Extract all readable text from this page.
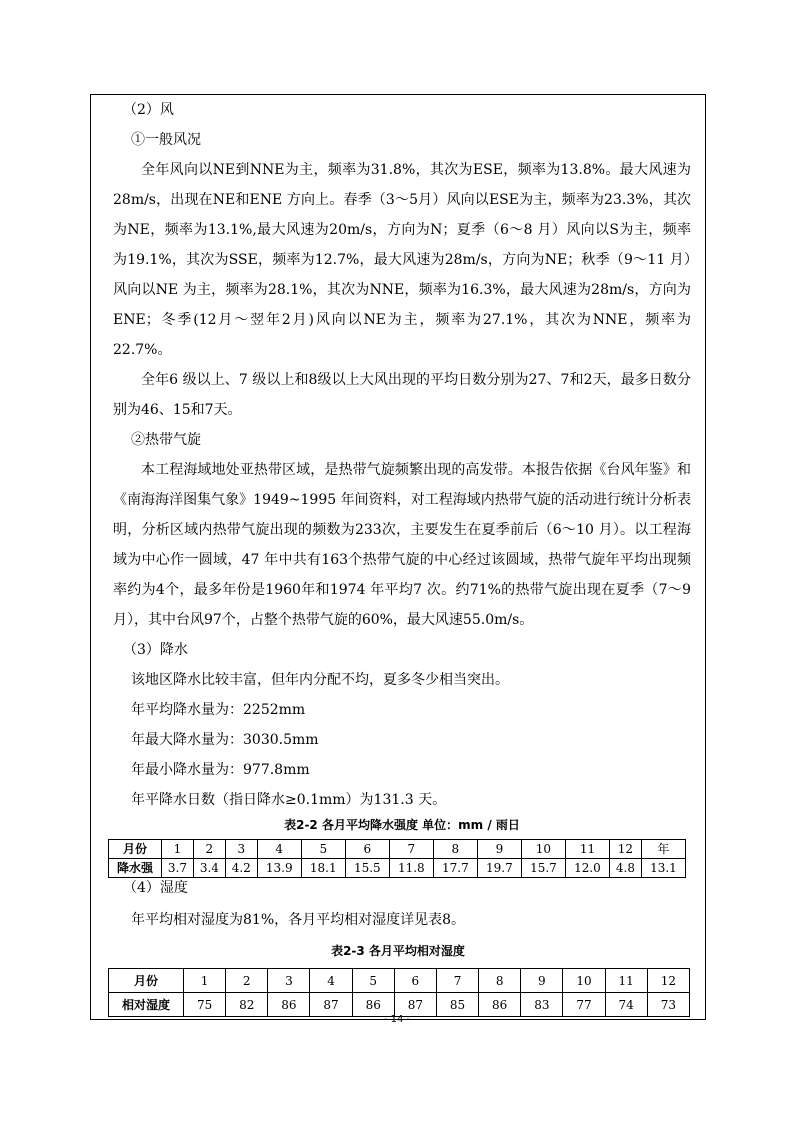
（2）风
①一般风况

全年风向以NE到NNE为主，频率为31.8%，其次为ESE，频率为13.8%。最大风速为28m/s，出现在NE和ENE 方向上。春季（3～5月）风向以ESE为主，频率为23.3%，其次为NE，频率为13.1%,最大风速为20m/s，方向为N；夏季（6～8 月）风向以S为主，频率为19.1%，其次为SSE，频率为12.7%，最大风速为28m/s，方向为NE；秋季（9～11 月）风向以NE 为主，频率为28.1%，其次为NNE，频率为16.3%，最大风速为28m/s，方向为ENE；冬季(12月～翌年2月)风向以NE为主，频率为27.1%，其次为NNE，频率为22.7%。

全年6 级以上、7 级以上和8级以上大风出现的平均日数分别为27、7和2天，最多日数分别为46、15和7天。

②热带气旋

本工程海域地处亚热带区域，是热带气旋频繁出现的高发带。本报告依据《台风年鉴》和《南海海洋图集气象》1949~1995 年间资料，对工程海域内热带气旋的活动进行统计分析表明，分析区域内热带气旋出现的频数为233次，主要发生在夏季前后（6～10 月）。以工程海域为中心作一圆域，47 年中共有163个热带气旋的中心经过该圆域，热带气旋年平均出现频率约为4个，最多年份是1960年和1974 年平均7 次。约71%的热带气旋出现在夏季（7～9 月），其中台风97个，占整个热带气旋的60%，最大风速55.0m/s。

（3）降水
该地区降水比较丰富，但年内分配不均，夏多冬少相当突出。
年平均降水量为：2252mm
年最大降水量为：3030.5mm
年最小降水量为：977.8mm
年平降水日数（指日降水≥0.1mm）为131.3 天。
表2-2 各月平均降水强度 单位：mm / 雨日
（4）湿度
年平均相对湿度为81%，各月平均相对湿度详见表8。
表2-3 各月平均相对湿度
月份	1	2	3	4	5	6	7	8	9	10	11	12	年
降水强	3.7	3.4	4.2	13.9	18.1	15.5	11.8	17.7	19.7	15.7	12.0	4.8	13.1
月份	1	2	3	4	5	6	7	8	9	10	11	12
相对湿度	75	82	86	87	86	87	85	86	83	77	74	73
- 14 -
